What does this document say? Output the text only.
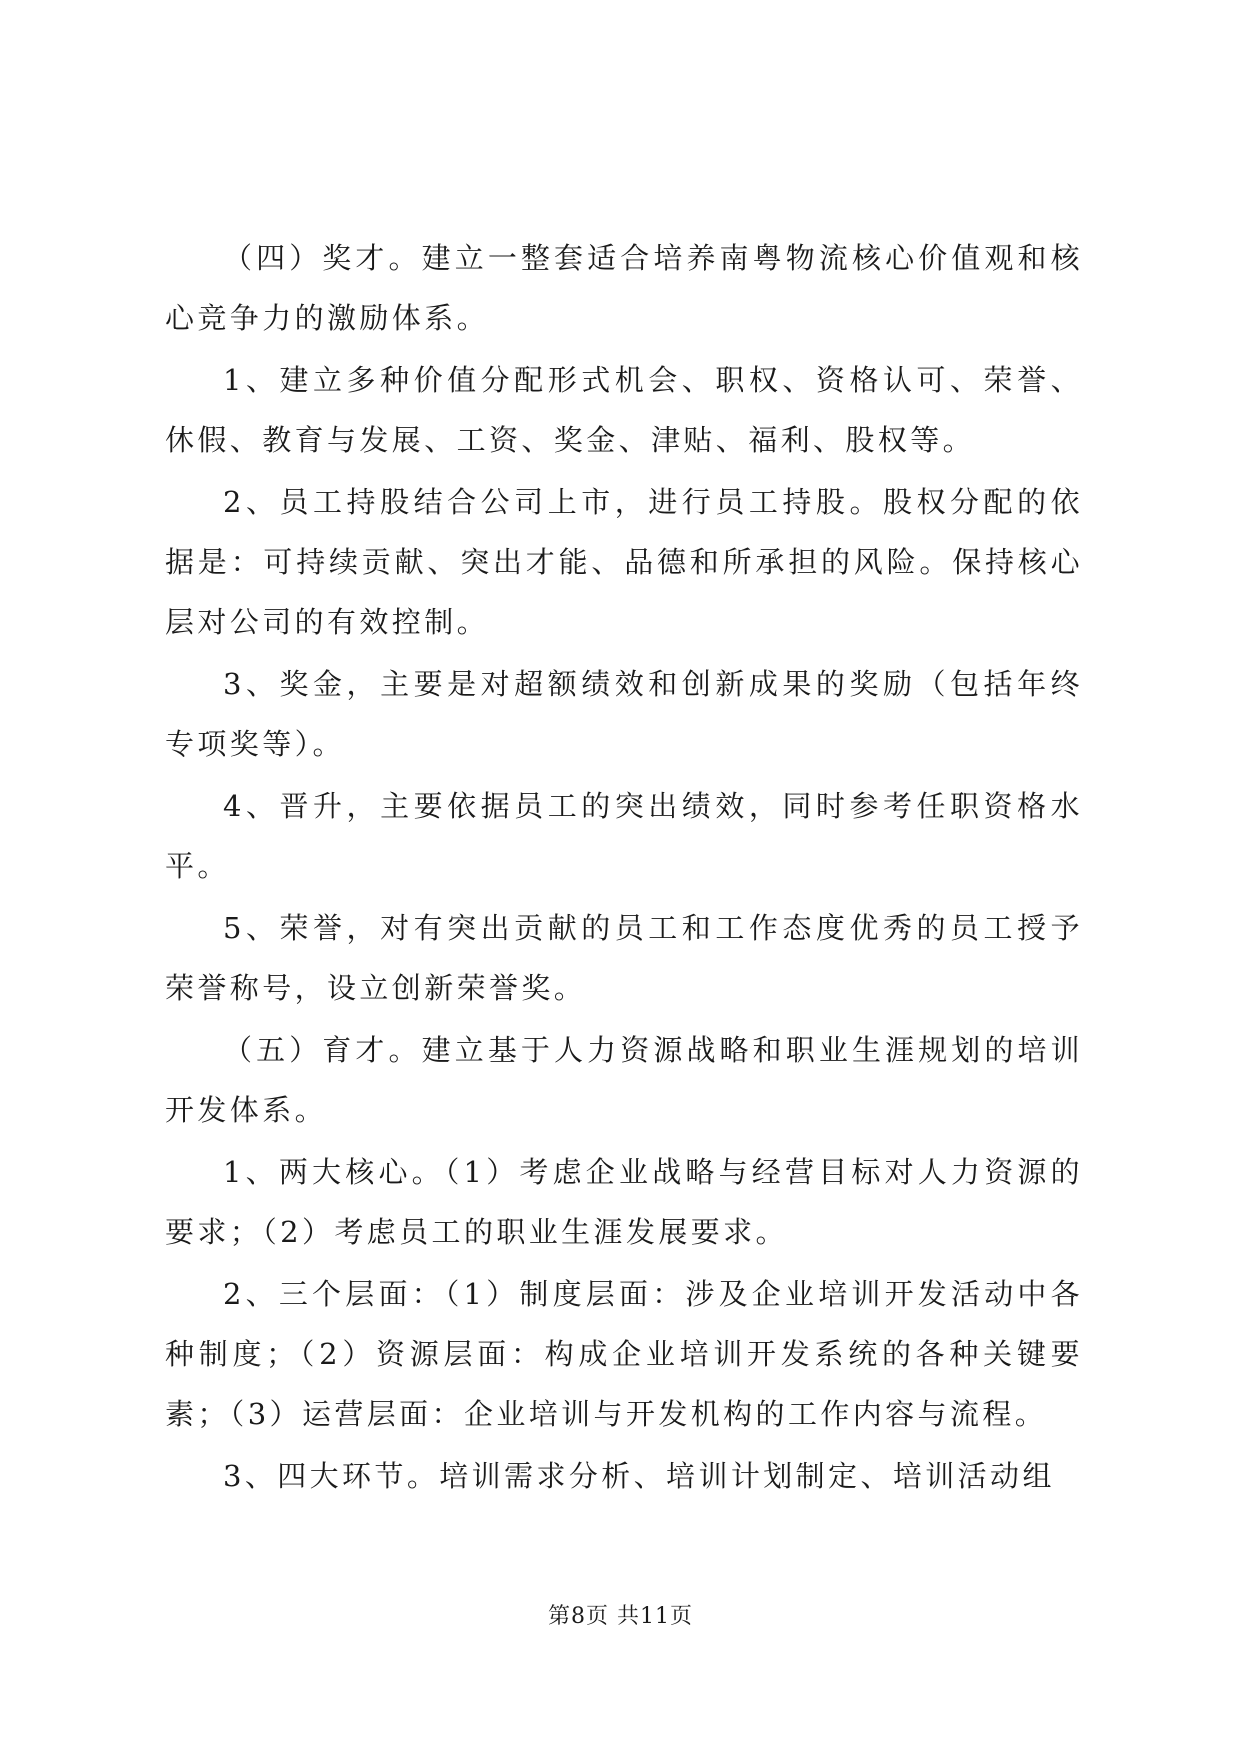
（四）奖才。建立一整套适合培养南粤物流核心价值观和核心竞争力的激励体系。

1、建立多种价值分配形式机会、职权、资格认可、荣誉、休假、教育与发展、工资、奖金、津贴、福利、股权等。

2、员工持股结合公司上市，进行员工持股。股权分配的依据是：可持续贡献、突出才能、品德和所承担的风险。保持核心层对公司的有效控制。

3、奖金，主要是对超额绩效和创新成果的奖励（包括年终专项奖等）。

4、晋升，主要依据员工的突出绩效，同时参考任职资格水平。

5、荣誉，对有突出贡献的员工和工作态度优秀的员工授予荣誉称号，设立创新荣誉奖。

（五）育才。建立基于人力资源战略和职业生涯规划的培训开发体系。

1、两大核心。（1）考虑企业战略与经营目标对人力资源的要求；（2）考虑员工的职业生涯发展要求。

2、三个层面：（1）制度层面：涉及企业培训开发活动中各种制度；（2）资源层面：构成企业培训开发系统的各种关键要素；（3）运营层面：企业培训与开发机构的工作内容与流程。

3、四大环节。培训需求分析、培训计划制定、培训活动组

第8页 共11页
